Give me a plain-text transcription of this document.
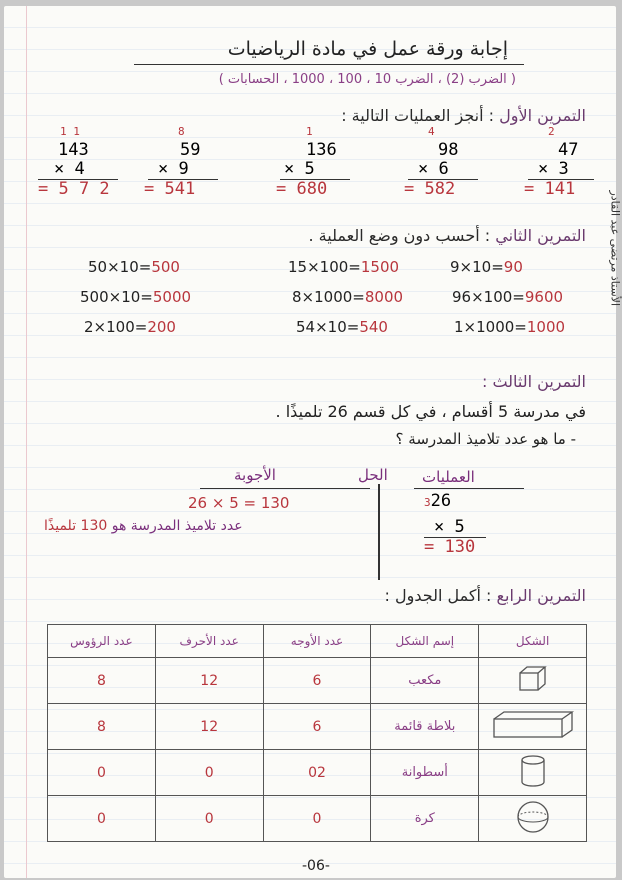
إجابة ورقة عمل في مادة الرياضيات
( الضرب (2) ، الضرب 10 ، 100 ، 1000 ، الحسابات )
التمرين الأول : أنجز العمليات التالية :
1 1
143
× 4
= 5 7 2
8
59
× 9
= 541
1
136
× 5
= 680
4
98
× 6
= 582
2
47
× 3
= 141
التمرين الثاني : أحسب دون وضع العملية .
50×10=500	15×100=1500	9×10=90
500×10=5000	8×1000=8000	96×100=9600
2×100=200	54×10=540	1×1000=1000
التمرين الثالث :
في مدرسة 5 أقسام ، في كل قسم 26 تلميذًا .
- ما هو عدد تلاميذ المدرسة ؟
العمليات
الحل
الأجوبة
326
× 5
= 130
26 × 5 = 130
عدد تلاميذ المدرسة هو 130 تلميذًا
التمرين الرابع : أكمل الجدول :
عدد الرؤوس	عدد الأحرف	عدد الأوجه	إسم الشكل	الشكل
8	12	6	مكعب	
8	12	6	بلاطة قائمة	
0	0	02	أسطوانة	
0	0	0	كرة	
الأستاذ مرتضى عبد القادر
-06-
